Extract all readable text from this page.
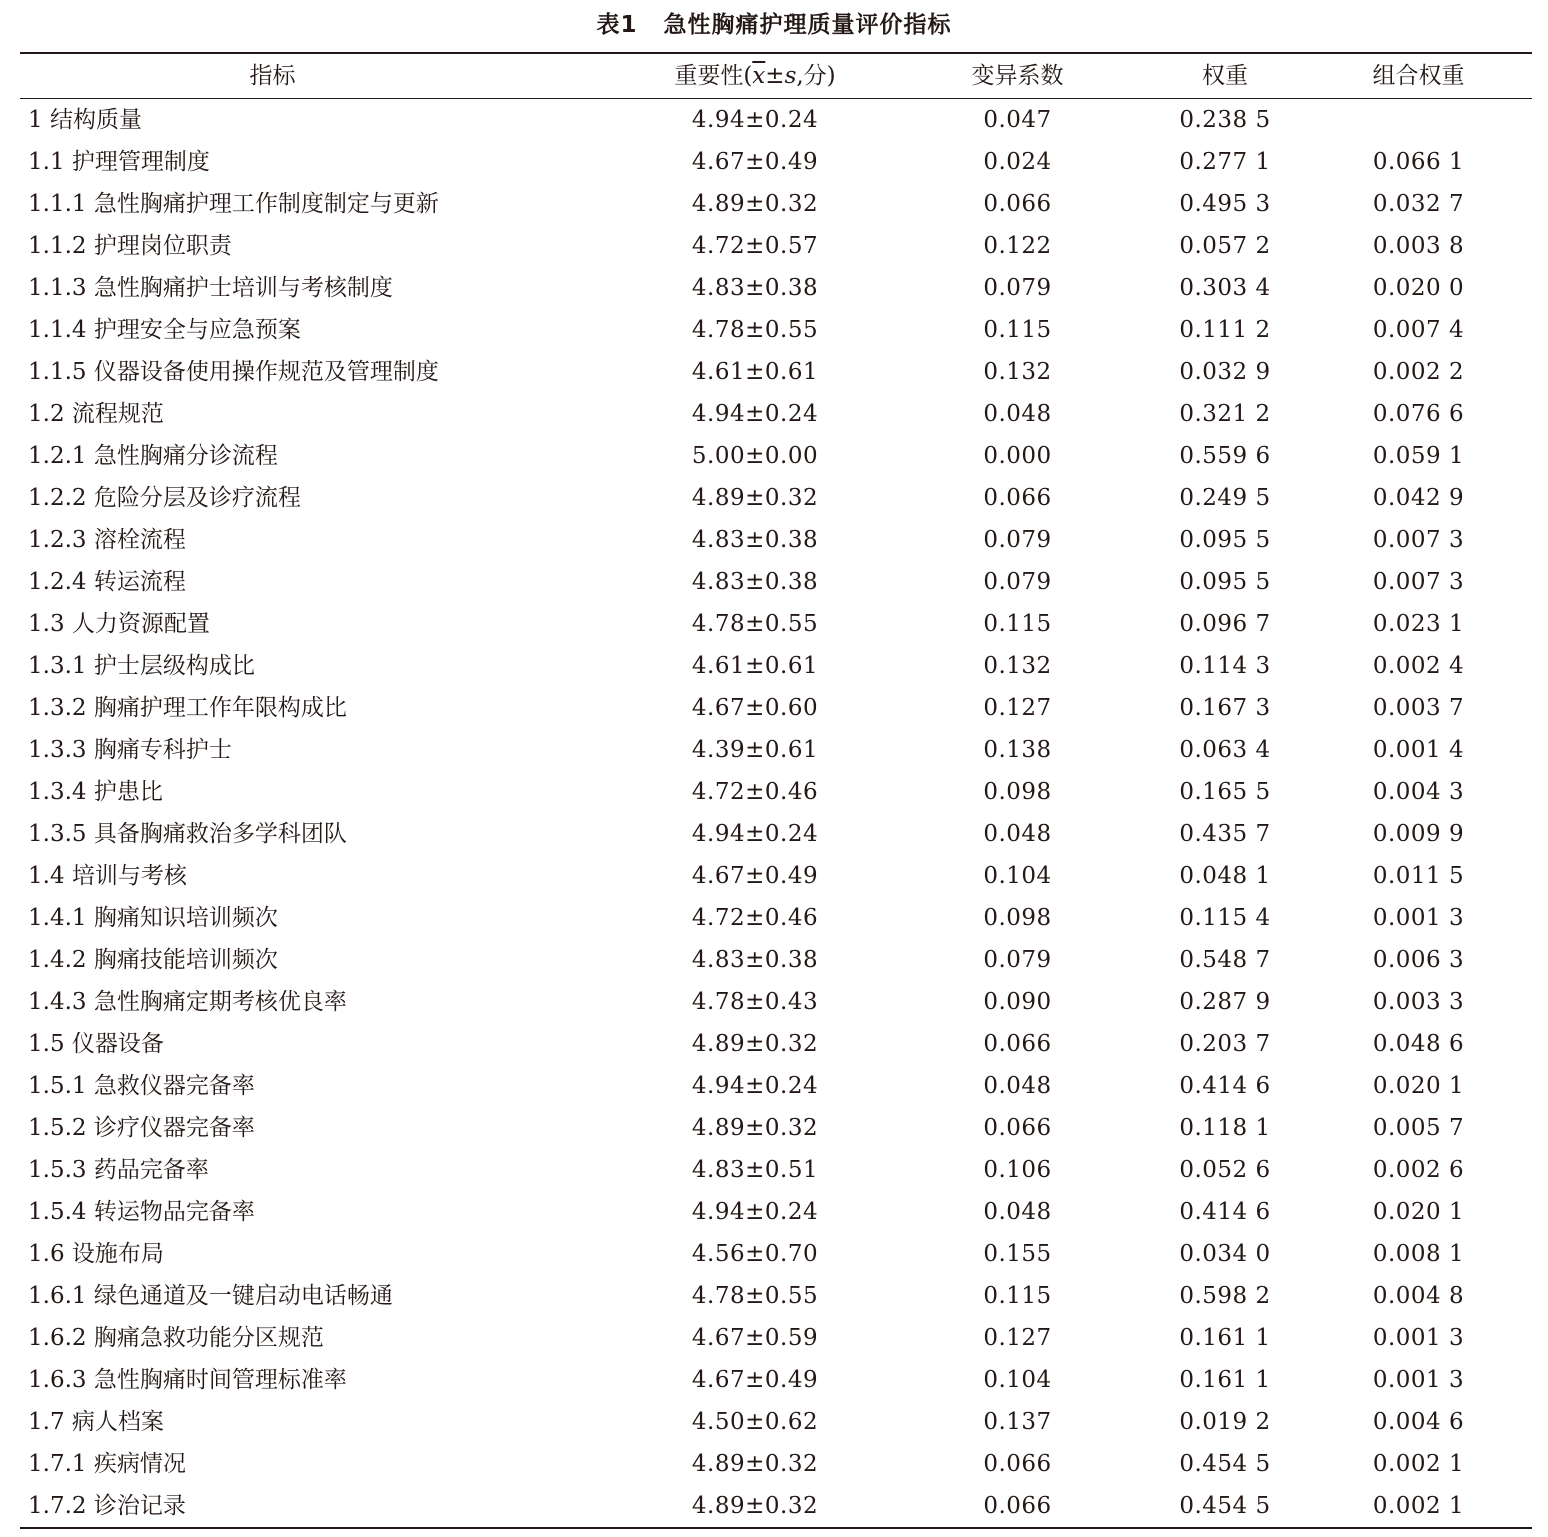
表1 急性胸痛护理质量评价指标
指标	重要性($\overline{x}\pm s$,分)	变异系数	权重	组合权重
1 结构质量	4.94±0.24	0.047	0.238 5
1.1 护理管理制度	4.67±0.49	0.024	0.277 1	0.066 1
1.1.1 急性胸痛护理工作制度制定与更新	4.89±0.32	0.066	0.495 3	0.032 7
1.1.2 护理岗位职责	4.72±0.57	0.122	0.057 2	0.003 8
1.1.3 急性胸痛护士培训与考核制度	4.83±0.38	0.079	0.303 4	0.020 0
1.1.4 护理安全与应急预案	4.78±0.55	0.115	0.111 2	0.007 4
1.1.5 仪器设备使用操作规范及管理制度	4.61±0.61	0.132	0.032 9	0.002 2
1.2 流程规范	4.94±0.24	0.048	0.321 2	0.076 6
1.2.1 急性胸痛分诊流程	5.00±0.00	0.000	0.559 6	0.059 1
1.2.2 危险分层及诊疗流程	4.89±0.32	0.066	0.249 5	0.042 9
1.2.3 溶栓流程	4.83±0.38	0.079	0.095 5	0.007 3
1.2.4 转运流程	4.83±0.38	0.079	0.095 5	0.007 3
1.3 人力资源配置	4.78±0.55	0.115	0.096 7	0.023 1
1.3.1 护士层级构成比	4.61±0.61	0.132	0.114 3	0.002 4
1.3.2 胸痛护理工作年限构成比	4.67±0.60	0.127	0.167 3	0.003 7
1.3.3 胸痛专科护士	4.39±0.61	0.138	0.063 4	0.001 4
1.3.4 护患比	4.72±0.46	0.098	0.165 5	0.004 3
1.3.5 具备胸痛救治多学科团队	4.94±0.24	0.048	0.435 7	0.009 9
1.4 培训与考核	4.67±0.49	0.104	0.048 1	0.011 5
1.4.1 胸痛知识培训频次	4.72±0.46	0.098	0.115 4	0.001 3
1.4.2 胸痛技能培训频次	4.83±0.38	0.079	0.548 7	0.006 3
1.4.3 急性胸痛定期考核优良率	4.78±0.43	0.090	0.287 9	0.003 3
1.5 仪器设备	4.89±0.32	0.066	0.203 7	0.048 6
1.5.1 急救仪器完备率	4.94±0.24	0.048	0.414 6	0.020 1
1.5.2 诊疗仪器完备率	4.89±0.32	0.066	0.118 1	0.005 7
1.5.3 药品完备率	4.83±0.51	0.106	0.052 6	0.002 6
1.5.4 转运物品完备率	4.94±0.24	0.048	0.414 6	0.020 1
1.6 设施布局	4.56±0.70	0.155	0.034 0	0.008 1
1.6.1 绿色通道及一键启动电话畅通	4.78±0.55	0.115	0.598 2	0.004 8
1.6.2 胸痛急救功能分区规范	4.67±0.59	0.127	0.161 1	0.001 3
1.6.3 急性胸痛时间管理标准率	4.67±0.49	0.104	0.161 1	0.001 3
1.7 病人档案	4.50±0.62	0.137	0.019 2	0.004 6
1.7.1 疾病情况	4.89±0.32	0.066	0.454 5	0.002 1
1.7.2 诊治记录	4.89±0.32	0.066	0.454 5	0.002 1
